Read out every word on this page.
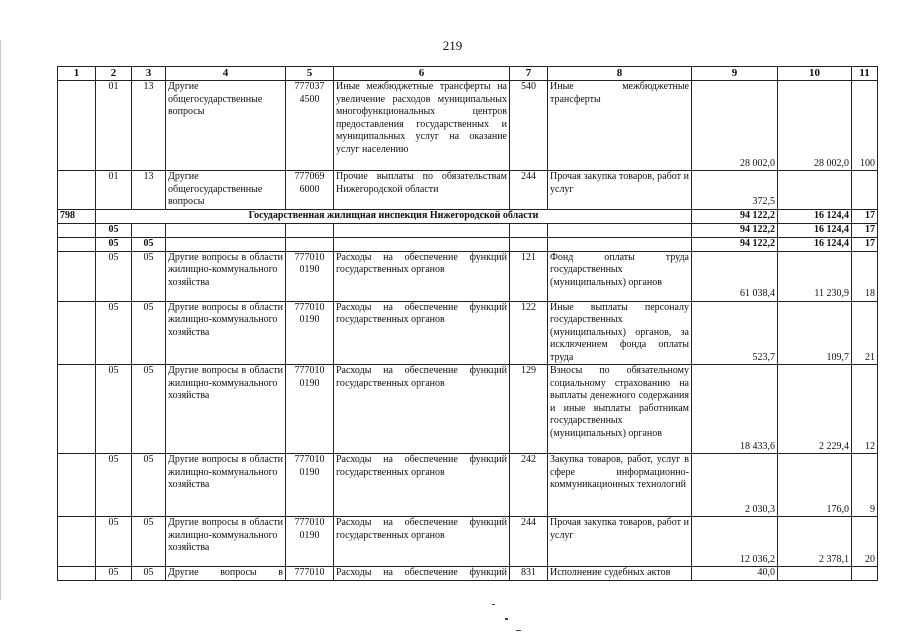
219
1	2	3	4	5	6	7	8	9	10	11
	01	13	Другие общегосударственные вопросы	777037 4500	Иные межбюджетные трансферты на увеличение расходов муниципальных многофункциональных центров предоставления государственных и муниципальных услуг на оказание услуг населению	540	Иные межбюджетные трансферты	28 002,0	28 002,0	100
	01	13	Другие общегосударственные вопросы	777069 6000	Прочие выплаты по обязательствам Нижегородской области	244	Прочая закупка товаров, работ и услуг	372,5		
798	Государственная жилищная инспекция Нижегородской области							94 122,2	16 124,4	17
	05							94 122,2	16 124,4	17
	05	05						94 122,2	16 124,4	17
	05	05	Другие вопросы в области жилищно-коммунального хозяйства	777010 0190	Расходы на обеспечение функций государственных органов	121	Фонд оплаты труда государственных (муниципальных) органов	61 038,4	11 230,9	18
	05	05	Другие вопросы в области жилищно-коммунального хозяйства	777010 0190	Расходы на обеспечение функций государственных органов	122	Иные выплаты персоналу государственных (муниципальных) органов, за исключением фонда оплаты труда	523,7	109,7	21
	05	05	Другие вопросы в области жилищно-коммунального хозяйства	777010 0190	Расходы на обеспечение функций государственных органов	129	Взносы по обязательному социальному страхованию на выплаты денежного содержания и иные выплаты работникам государственных (муниципальных) органов	18 433,6	2 229,4	12
	05	05	Другие вопросы в области жилищно-коммунального хозяйства	777010 0190	Расходы на обеспечение функций государственных органов	242	Закупка товаров, работ, услуг в сфере информационно-коммуникационных технологий	2 030,3	176,0	9
	05	05	Другие вопросы в области жилищно-коммунального хозяйства	777010 0190	Расходы на обеспечение функций государственных органов	244	Прочая закупка товаров, работ и услуг	12 036,2	2 378,1	20
	05	05	Другие вопросы в	777010	Расходы на обеспечение функций	831	Исполнение судебных актов	40,0		
